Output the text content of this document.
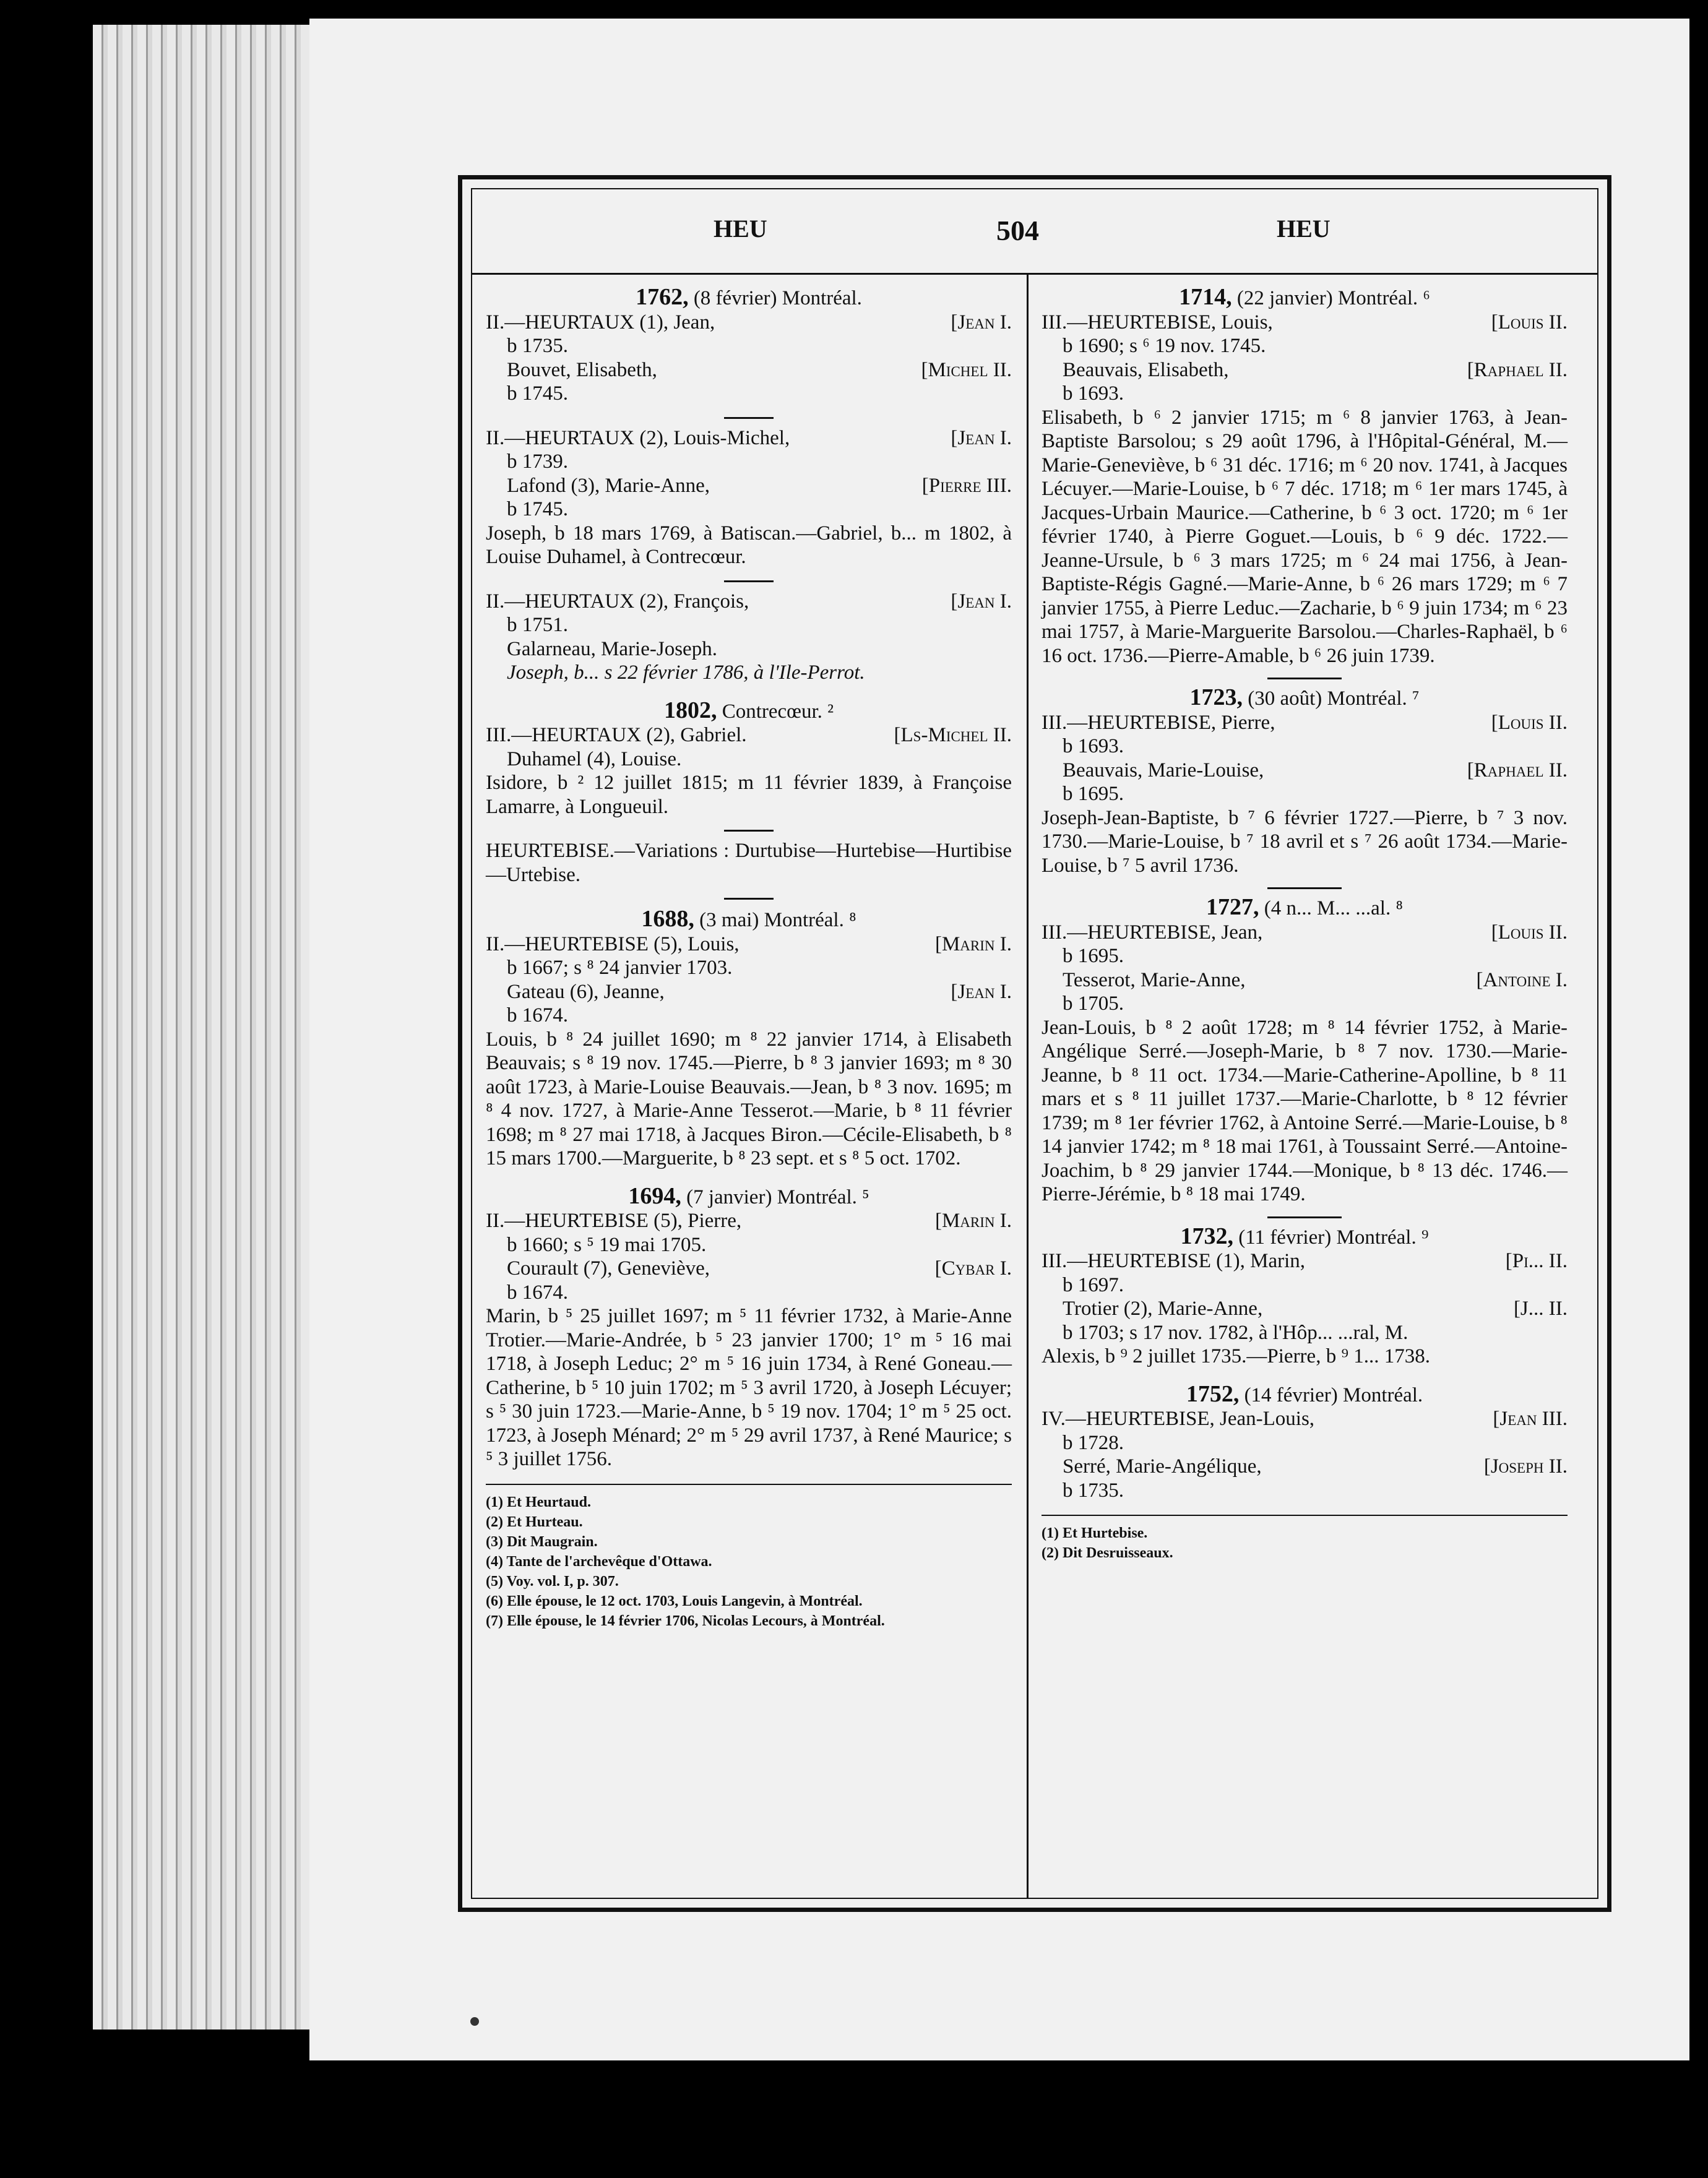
HEU	504	HEU

1762, (8 février) Montréal.

II.—HEURTAUX (1), Jean,	[Jean I.
b 1735.
Bouvet, Elisabeth,	[Michel II.
b 1745.
II.—HEURTAUX (2), Louis-Michel,	[Jean I.
b 1739.
Lafond (3), Marie-Anne,	[Pierre III.
b 1745.
Joseph, b 18 mars 1769, à Batiscan.—Gabriel, b... m 1802, à Louise Duhamel, à Contrecœur.
II.—HEURTAUX (2), François,	[Jean I.
b 1751.
Galarneau, Marie-Joseph.
Joseph, b... s 22 février 1786, à l'Ile-Perrot.

1802, Contrecœur. ²

III.—HEURTAUX (2), Gabriel.	[Ls-Michel II.
Duhamel (4), Louise.
Isidore, b ² 12 juillet 1815; m 11 février 1839, à Françoise Lamarre, à Longueuil.
HEURTEBISE.—Variations : Durtubise—Hurtebise—Hurtibise—Urtebise.

1688, (3 mai) Montréal. ⁸

II.—HEURTEBISE (5), Louis,	[Marin I.
b 1667; s ⁸ 24 janvier 1703.
Gateau (6), Jeanne,	[Jean I.
b 1674.
Louis, b ⁸ 24 juillet 1690; m ⁸ 22 janvier 1714, à Elisabeth Beauvais; s ⁸ 19 nov. 1745.—Pierre, b ⁸ 3 janvier 1693; m ⁸ 30 août 1723, à Marie-Louise Beauvais.—Jean, b ⁸ 3 nov. 1695; m ⁸ 4 nov. 1727, à Marie-Anne Tesserot.—Marie, b ⁸ 11 février 1698; m ⁸ 27 mai 1718, à Jacques Biron.—Cécile-Elisabeth, b ⁸ 15 mars 1700.—Marguerite, b ⁸ 23 sept. et s ⁸ 5 oct. 1702.

1694, (7 janvier) Montréal. ⁵

II.—HEURTEBISE (5), Pierre,	[Marin I.
b 1660; s ⁵ 19 mai 1705.
Courault (7), Geneviève,	[Cybar I.
b 1674.
Marin, b ⁵ 25 juillet 1697; m ⁵ 11 février 1732, à Marie-Anne Trotier.—Marie-Andrée, b ⁵ 23 janvier 1700; 1° m ⁵ 16 mai 1718, à Joseph Leduc; 2° m ⁵ 16 juin 1734, à René Goneau.—Catherine, b ⁵ 10 juin 1702; m ⁵ 3 avril 1720, à Joseph Lécuyer; s ⁵ 30 juin 1723.—Marie-Anne, b ⁵ 19 nov. 1704; 1° m ⁵ 25 oct. 1723, à Joseph Ménard; 2° m ⁵ 29 avril 1737, à René Maurice; s ⁵ 3 juillet 1756.
(1) Et Heurtaud.
(2) Et Hurteau.
(3) Dit Maugrain.
(4) Tante de l'archevêque d'Ottawa.
(5) Voy. vol. I, p. 307.
(6) Elle épouse, le 12 oct. 1703, Louis Langevin, à Montréal.
(7) Elle épouse, le 14 février 1706, Nicolas Lecours, à Montréal.

1714, (22 janvier) Montréal. ⁶

III.—HEURTEBISE, Louis,	[Louis II.
b 1690; s ⁶ 19 nov. 1745.
Beauvais, Elisabeth,	[Raphael II.
b 1693.
Elisabeth, b ⁶ 2 janvier 1715; m ⁶ 8 janvier 1763, à Jean-Baptiste Barsolou; s 29 août 1796, à l'Hôpital-Général, M.—Marie-Geneviève, b ⁶ 31 déc. 1716; m ⁶ 20 nov. 1741, à Jacques Lécuyer.—Marie-Louise, b ⁶ 7 déc. 1718; m ⁶ 1er mars 1745, à Jacques-Urbain Maurice.—Catherine, b ⁶ 3 oct. 1720; m ⁶ 1er février 1740, à Pierre Goguet.—Louis, b ⁶ 9 déc. 1722.—Jeanne-Ursule, b ⁶ 3 mars 1725; m ⁶ 24 mai 1756, à Jean-Baptiste-Régis Gagné.—Marie-Anne, b ⁶ 26 mars 1729; m ⁶ 7 janvier 1755, à Pierre Leduc.—Zacharie, b ⁶ 9 juin 1734; m ⁶ 23 mai 1757, à Marie-Marguerite Barsolou.—Charles-Raphaël, b ⁶ 16 oct. 1736.—Pierre-Amable, b ⁶ 26 juin 1739.

1723, (30 août) Montréal. ⁷

III.—HEURTEBISE, Pierre,	[Louis II.
b 1693.
Beauvais, Marie-Louise,	[Raphael II.
b 1695.
Joseph-Jean-Baptiste, b ⁷ 6 février 1727.—Pierre, b ⁷ 3 nov. 1730.—Marie-Louise, b ⁷ 18 avril et s ⁷ 26 août 1734.—Marie-Louise, b ⁷ 5 avril 1736.

1727, (4 n... M... ...al. ⁸

III.—HEURTEBISE, Jean,	[Louis II.
b 1695.
Tesserot, Marie-Anne,	[Antoine I.
b 1705.
Jean-Louis, b ⁸ 2 août 1728; m ⁸ 14 février 1752, à Marie-Angélique Serré.—Joseph-Marie, b ⁸ 7 nov. 1730.—Marie-Jeanne, b ⁸ 11 oct. 1734.—Marie-Catherine-Apolline, b ⁸ 11 mars et s ⁸ 11 juillet 1737.—Marie-Charlotte, b ⁸ 12 février 1739; m ⁸ 1er février 1762, à Antoine Serré.—Marie-Louise, b ⁸ 14 janvier 1742; m ⁸ 18 mai 1761, à Toussaint Serré.—Antoine-Joachim, b ⁸ 29 janvier 1744.—Monique, b ⁸ 13 déc. 1746.—Pierre-Jérémie, b ⁸ 18 mai 1749.

1732, (11 février) Montréal. ⁹

III.—HEURTEBISE (1), Marin,	[Pi... II.
b 1697.
Trotier (2), Marie-Anne,	[J... II.
b 1703; s 17 nov. 1782, à l'Hôp... ...ral, M.
Alexis, b ⁹ 2 juillet 1735.—Pierre, b ⁹ 1... 1738.

1752, (14 février) Montréal.

IV.—HEURTEBISE, Jean-Louis,	[Jean III.
b 1728.
Serré, Marie-Angélique,	[Joseph II.
b 1735.
(1) Et Hurtebise.
(2) Dit Desruisseaux.
